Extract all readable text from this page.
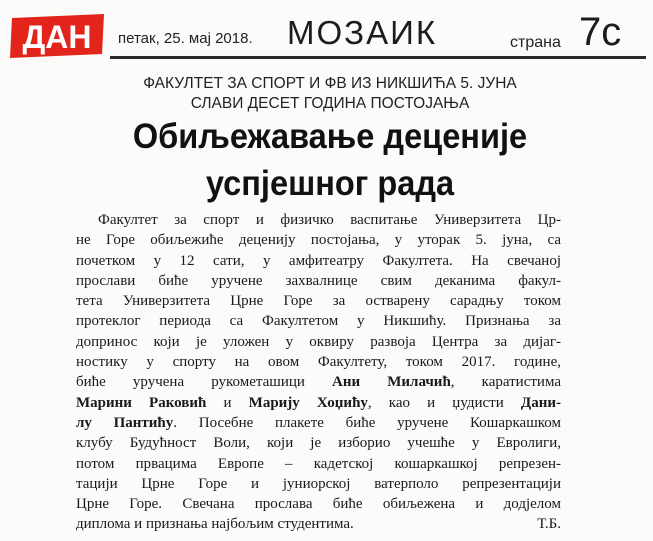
ДАН петак, 25. мај 2018. МОЗАИК	страна 7с
ФАКУЛТЕТ ЗА СПОРТ И ФВ ИЗ НИКШИЋА 5. ЈУНА
СЛАВИ ДЕСЕТ ГОДИНА ПОСТОЈАЊА
Обиљежавање деценије
успјешног рада
Факултет за спорт и физичко васпитање Универзитета Цр-
не Горе обиљежиће деценију постојања, у уторак 5. јуна, са
почетком у 12 сати, у амфитеатру Факултета. На свечаној
прослави биће уручене захвалнице свим деканима факул-
тета Универзитета Црне Горе за остварену сарадњу током
протеклог периода са Факултетом у Никшићу. Признања за
допринос који је уложен у оквиру развоја Центра за дијаг-
ностику у спорту на овом Факултету, током 2017. године,
биће уручена рукометашици Ани Милачић, каратистима
Марини Раковић и Марију Хоџићу, као и џудисти Дани-
лу Пантићу. Посебне плакете биће уручене Кошаркашком
клубу Будућност Воли, који је изборио учешће у Евролиги,
потом првацима Европе – кадетској кошаркашкој репрезен-
тацији Црне Горе и јуниорској ватерполо репрезентацији
Црне Горе. Свечана прослава биће обиљежена и додјелом
диплома и признања најбољим студентима.	Т.Б.
